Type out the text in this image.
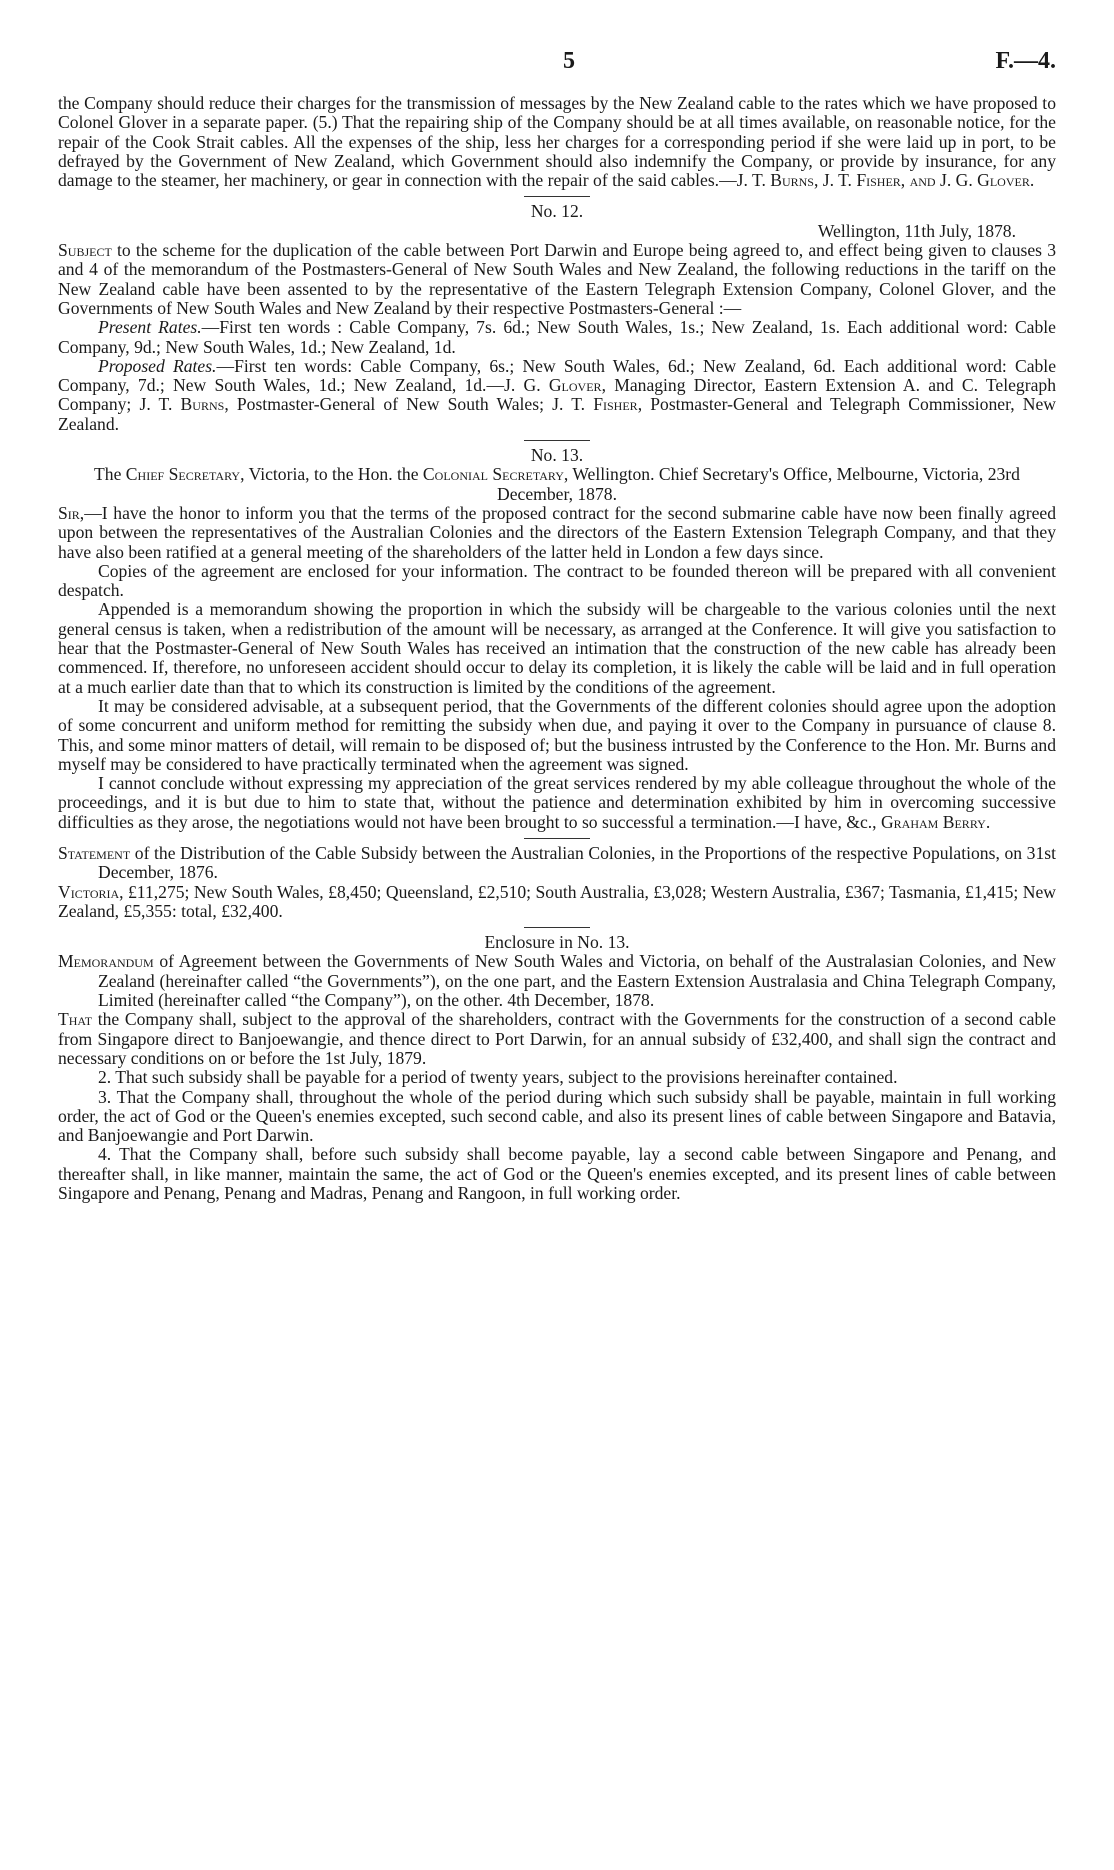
5	F.—4.

the Company should reduce their charges for the transmission of messages by the New Zealand cable to the rates which we have proposed to Colonel Glover in a separate paper. (5.) That the repairing ship of the Company should be at all times available, on reasonable notice, for the repair of the Cook Strait cables. All the expenses of the ship, less her charges for a corresponding period if she were laid up in port, to be defrayed by the Government of New Zealand, which Government should also indemnify the Company, or provide by insurance, for any damage to the steamer, her machinery, or gear in connection with the repair of the said cables.—J. T. Burns, J. T. Fisher, and J. G. Glover.

No. 12.

Wellington, 11th July, 1878.

Subject to the scheme for the duplication of the cable between Port Darwin and Europe being agreed to, and effect being given to clauses 3 and 4 of the memorandum of the Postmasters-General of New South Wales and New Zealand, the following reductions in the tariff on the New Zealand cable have been assented to by the representative of the Eastern Telegraph Extension Company, Colonel Glover, and the Governments of New South Wales and New Zealand by their respective Postmasters-General :—

Present Rates.—First ten words : Cable Company, 7s. 6d.; New South Wales, 1s.; New Zealand, 1s. Each additional word: Cable Company, 9d.; New South Wales, 1d.; New Zealand, 1d.

Proposed Rates.—First ten words: Cable Company, 6s.; New South Wales, 6d.; New Zealand, 6d. Each additional word: Cable Company, 7d.; New South Wales, 1d.; New Zealand, 1d.—J. G. Glover, Managing Director, Eastern Extension A. and C. Telegraph Company; J. T. Burns, Postmaster-General of New South Wales; J. T. Fisher, Postmaster-General and Telegraph Commissioner, New Zealand.

No. 13.

The Chief Secretary, Victoria, to the Hon. the Colonial Secretary, Wellington. Chief Secretary's Office, Melbourne, Victoria, 23rd December, 1878.

Sir,—I have the honor to inform you that the terms of the proposed contract for the second submarine cable have now been finally agreed upon between the representatives of the Australian Colonies and the directors of the Eastern Extension Telegraph Company, and that they have also been ratified at a general meeting of the shareholders of the latter held in London a few days since.

Copies of the agreement are enclosed for your information. The contract to be founded thereon will be prepared with all convenient despatch.

Appended is a memorandum showing the proportion in which the subsidy will be chargeable to the various colonies until the next general census is taken, when a redistribution of the amount will be necessary, as arranged at the Conference. It will give you satisfaction to hear that the Postmaster-General of New South Wales has received an intimation that the construction of the new cable has already been commenced. If, therefore, no unforeseen accident should occur to delay its completion, it is likely the cable will be laid and in full operation at a much earlier date than that to which its construction is limited by the conditions of the agreement.

It may be considered advisable, at a subsequent period, that the Governments of the different colonies should agree upon the adoption of some concurrent and uniform method for remitting the subsidy when due, and paying it over to the Company in pursuance of clause 8. This, and some minor matters of detail, will remain to be disposed of; but the business intrusted by the Conference to the Hon. Mr. Burns and myself may be considered to have practically terminated when the agreement was signed.

I cannot conclude without expressing my appreciation of the great services rendered by my able colleague throughout the whole of the proceedings, and it is but due to him to state that, without the patience and determination exhibited by him in overcoming successive difficulties as they arose, the negotiations would not have been brought to so successful a termination.—I have, &c., Graham Berry.

Statement of the Distribution of the Cable Subsidy between the Australian Colonies, in the Proportions of the respective Populations, on 31st December, 1876.

Victoria, £11,275; New South Wales, £8,450; Queensland, £2,510; South Australia, £3,028; Western Australia, £367; Tasmania, £1,415; New Zealand, £5,355: total, £32,400.

Enclosure in No. 13.

Memorandum of Agreement between the Governments of New South Wales and Victoria, on behalf of the Australasian Colonies, and New Zealand (hereinafter called “the Governments”), on the one part, and the Eastern Extension Australasia and China Telegraph Company, Limited (hereinafter called “the Company”), on the other. 4th December, 1878.

That the Company shall, subject to the approval of the shareholders, contract with the Governments for the construction of a second cable from Singapore direct to Banjoewangie, and thence direct to Port Darwin, for an annual subsidy of £32,400, and shall sign the contract and necessary conditions on or before the 1st July, 1879.

2. That such subsidy shall be payable for a period of twenty years, subject to the provisions hereinafter contained.

3. That the Company shall, throughout the whole of the period during which such subsidy shall be payable, maintain in full working order, the act of God or the Queen's enemies excepted, such second cable, and also its present lines of cable between Singapore and Batavia, and Banjoewangie and Port Darwin.

4. That the Company shall, before such subsidy shall become payable, lay a second cable between Singapore and Penang, and thereafter shall, in like manner, maintain the same, the act of God or the Queen's enemies excepted, and its present lines of cable between Singapore and Penang, Penang and Madras, Penang and Rangoon, in full working order.
